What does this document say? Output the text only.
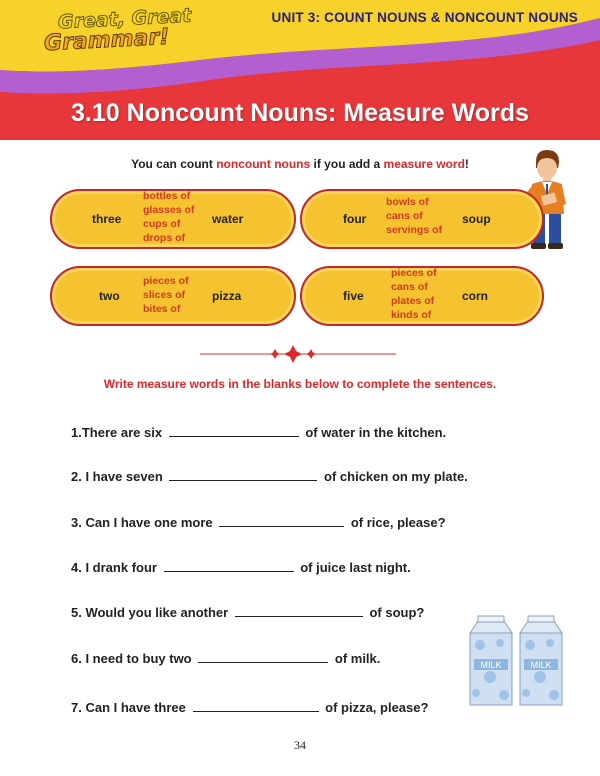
Great, Great
Grammar!
UNIT 3: COUNT NOUNS & NONCOUNT NOUNS
3.10 Noncount Nouns: Measure Words
You can count noncount nouns if you add a measure word!
three
bottles of
glasses of
cups of
drops of
water	four
bowls of
cans of
servings of
soup
two
pieces of
slices of
bites of
pizza	five
pieces of
cans of
plates of
kinds of
corn
Write measure words in the blanks below to complete the sentences.
1.There are six	of water in the kitchen.
2. I have seven	of chicken on my plate.
3. Can I have one more	of rice, please?
4. I drank four	of juice last night.
5. Would you like another	of soup?
6. I need to buy two	of milk.
7. Can I have three	of pizza, please?
MILK	MILK
34
